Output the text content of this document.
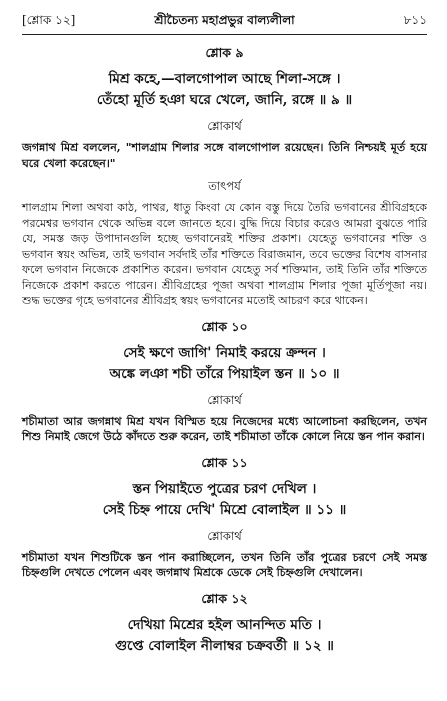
[শ্লোক ১২]	শ্রীচৈতন্য মহাপ্রভুর বাল্যলীলা	৮১১
শ্লোক ৯
মিশ্র কহে,—বালগোপাল আছে শিলা-সঙ্গে ।
তেঁহো মূর্তি হঞা ঘরে খেলে, জানি, রঙ্গে ॥ ৯ ॥
শ্লোকার্থ

জগন্নাথ মিশ্র বললেন, "শালগ্রাম শিলার সঙ্গে বালগোপাল রয়েছেন। তিনি নিশ্চয়ই মূর্ত হয়ে ঘরে খেলা করেছেন।"

তাৎপর্য

শালগ্রাম শিলা অথবা কাঠ, পাথর, ধাতু কিংবা যে কোন বস্তু দিয়ে তৈরি ভগবানের শ্রীবিগ্রহকে পরমেশ্বর ভগবান থেকে অভিন্ন বলে জানতে হবে। বুদ্ধি দিয়ে বিচার করেও আমরা বুঝতে পারি যে, সমস্ত জড় উপাদানগুলি হচ্ছে ভগবানেরই শক্তির প্রকাশ। যেহেতু ভগবানের শক্তি ও ভগবান স্বয়ং অভিন্ন, তাই ভগবান সর্বদাই তাঁর শক্তিতে বিরাজমান, তবে ভক্তের বিশেষ বাসনার ফলে ভগবান নিজেকে প্রকাশিত করেন। ভগবান যেহেতু সর্ব শক্তিমান, তাই তিনি তাঁর শক্তিতে নিজেকে প্রকাশ করতে পারেন। শ্রীবিগ্রহের পূজা অথবা শালগ্রাম শিলার পূজা মূর্তিপূজা নয়। শুদ্ধ ভক্তের গৃহে ভগবানের শ্রীবিগ্রহ স্বয়ং ভগবানের মতোই আচরণ করে থাকেন।

শ্লোক ১০
সেই ক্ষণে জাগি' নিমাই করয়ে ক্রন্দন ।
অঙ্কে লঞা শচী তাঁরে পিয়াইল স্তন ॥ ১০ ॥
শ্লোকার্থ

শচীমাতা আর জগন্নাথ মিশ্র যখন বিস্মিত হয়ে নিজেদের মধ্যে আলোচনা করছিলেন, তখন শিশু নিমাই জেগে উঠে কাঁদতে শুরু করেন, তাই শচীমাতা তাঁকে কোলে নিয়ে স্তন পান করান।

শ্লোক ১১
স্তন পিয়াইতে পুত্রের চরণ দেখিল ।
সেই চিহ্ন পায়ে দেখি' মিশ্রে বোলাইল ॥ ১১ ॥
শ্লোকার্থ

শচীমাতা যখন শিশুটিকে স্তন পান করাচ্ছিলেন, তখন তিনি তাঁর পুত্রের চরণে সেই সমস্ত চিহ্নগুলি দেখতে পেলেন এবং জগন্নাথ মিশ্রকে ডেকে সেই চিহ্নগুলি দেখালেন।

শ্লোক ১২
দেখিয়া মিশ্রের হইল আনন্দিত মতি ।
গুপ্তে বোলাইল নীলাম্বর চক্রবর্তী ॥ ১২ ॥
